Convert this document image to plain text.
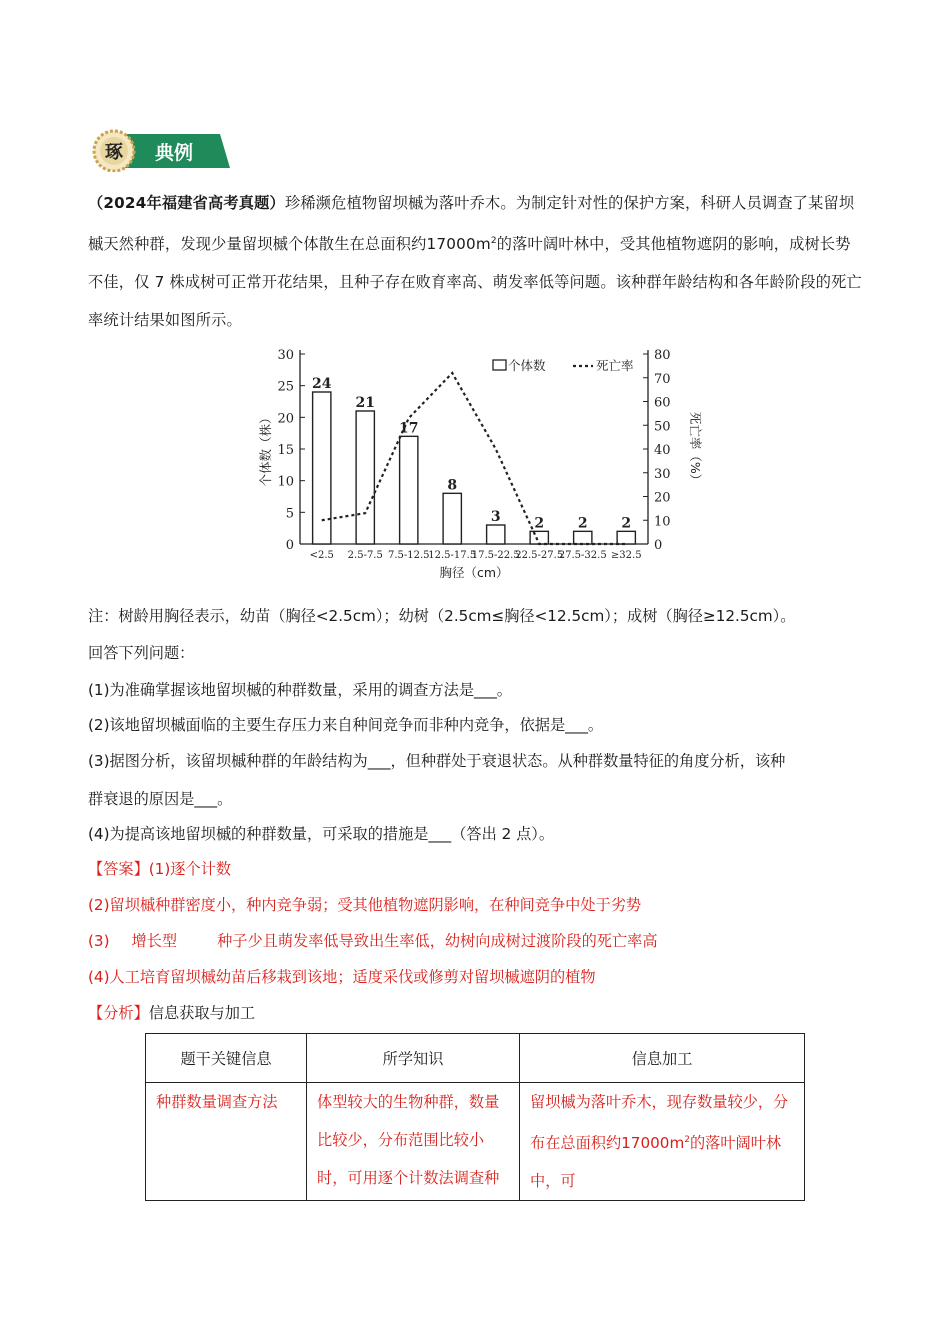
琢 典例
（2024年福建省高考真题）珍稀濒危植物留坝槭为落叶乔木。为制定针对性的保护方案，科研人员调查了某留坝槭天然种群，发现少量留坝槭个体散生在总面积约$17000m^2$的落叶阔叶林中，受其他植物遮阴的影响，成树长势不佳，仅 7 株成树可正常开花结果，且种子存在败育率高、萌发率低等问题。该种群年龄结构和各年龄阶段的死亡率统计结果如图所示。
0
5
10
15
20
25
30
0
10
20
30
40
50
60
70
80
个体数（株）	死亡率（%）
胸径（cm）
24
21
17
8
3 2 2 2
<2.5 2.5-7.5 7.5-12.5
12.5-17.5
17.5-22.5
22.5-27.5
27.5-32.5 ≥32.5
个体数	死亡率
注：树龄用胸径表示，幼苗（胸径<2.5cm）；幼树（2.5cm≤胸径<12.5cm）；成树（胸径≥12.5cm）。
回答下列问题：
(1)为准确掌握该地留坝槭的种群数量，采用的调查方法是___。
(2)该地留坝槭面临的主要生存压力来自种间竞争而非种内竞争，依据是___。
(3)据图分析，该留坝槭种群的年龄结构为___，但种群处于衰退状态。从种群数量特征的角度分析，该种
群衰退的原因是___。
(4)为提高该地留坝槭的种群数量，可采取的措施是___（答出 2 点）。
【答案】(1)逐个计数
(2)留坝槭种群密度小，种内竞争弱；受其他植物遮阴影响，在种间竞争中处于劣势
(3) 增长型	种子少且萌发率低导致出生率低，幼树向成树过渡阶段的死亡率高
(4)人工培育留坝槭幼苗后移栽到该地；适度采伐或修剪对留坝槭遮阴的植物
【分析】信息获取与加工
题干关键信息	所学知识	信息加工
种群数量调查方法	体型较大的生物种群，数量比较少，分布范围比较小时，可用逐个计数法调查种	留坝槭为落叶乔木，现存数量较少，分布在总面积约$17000m^2$的落叶阔叶林中，可
